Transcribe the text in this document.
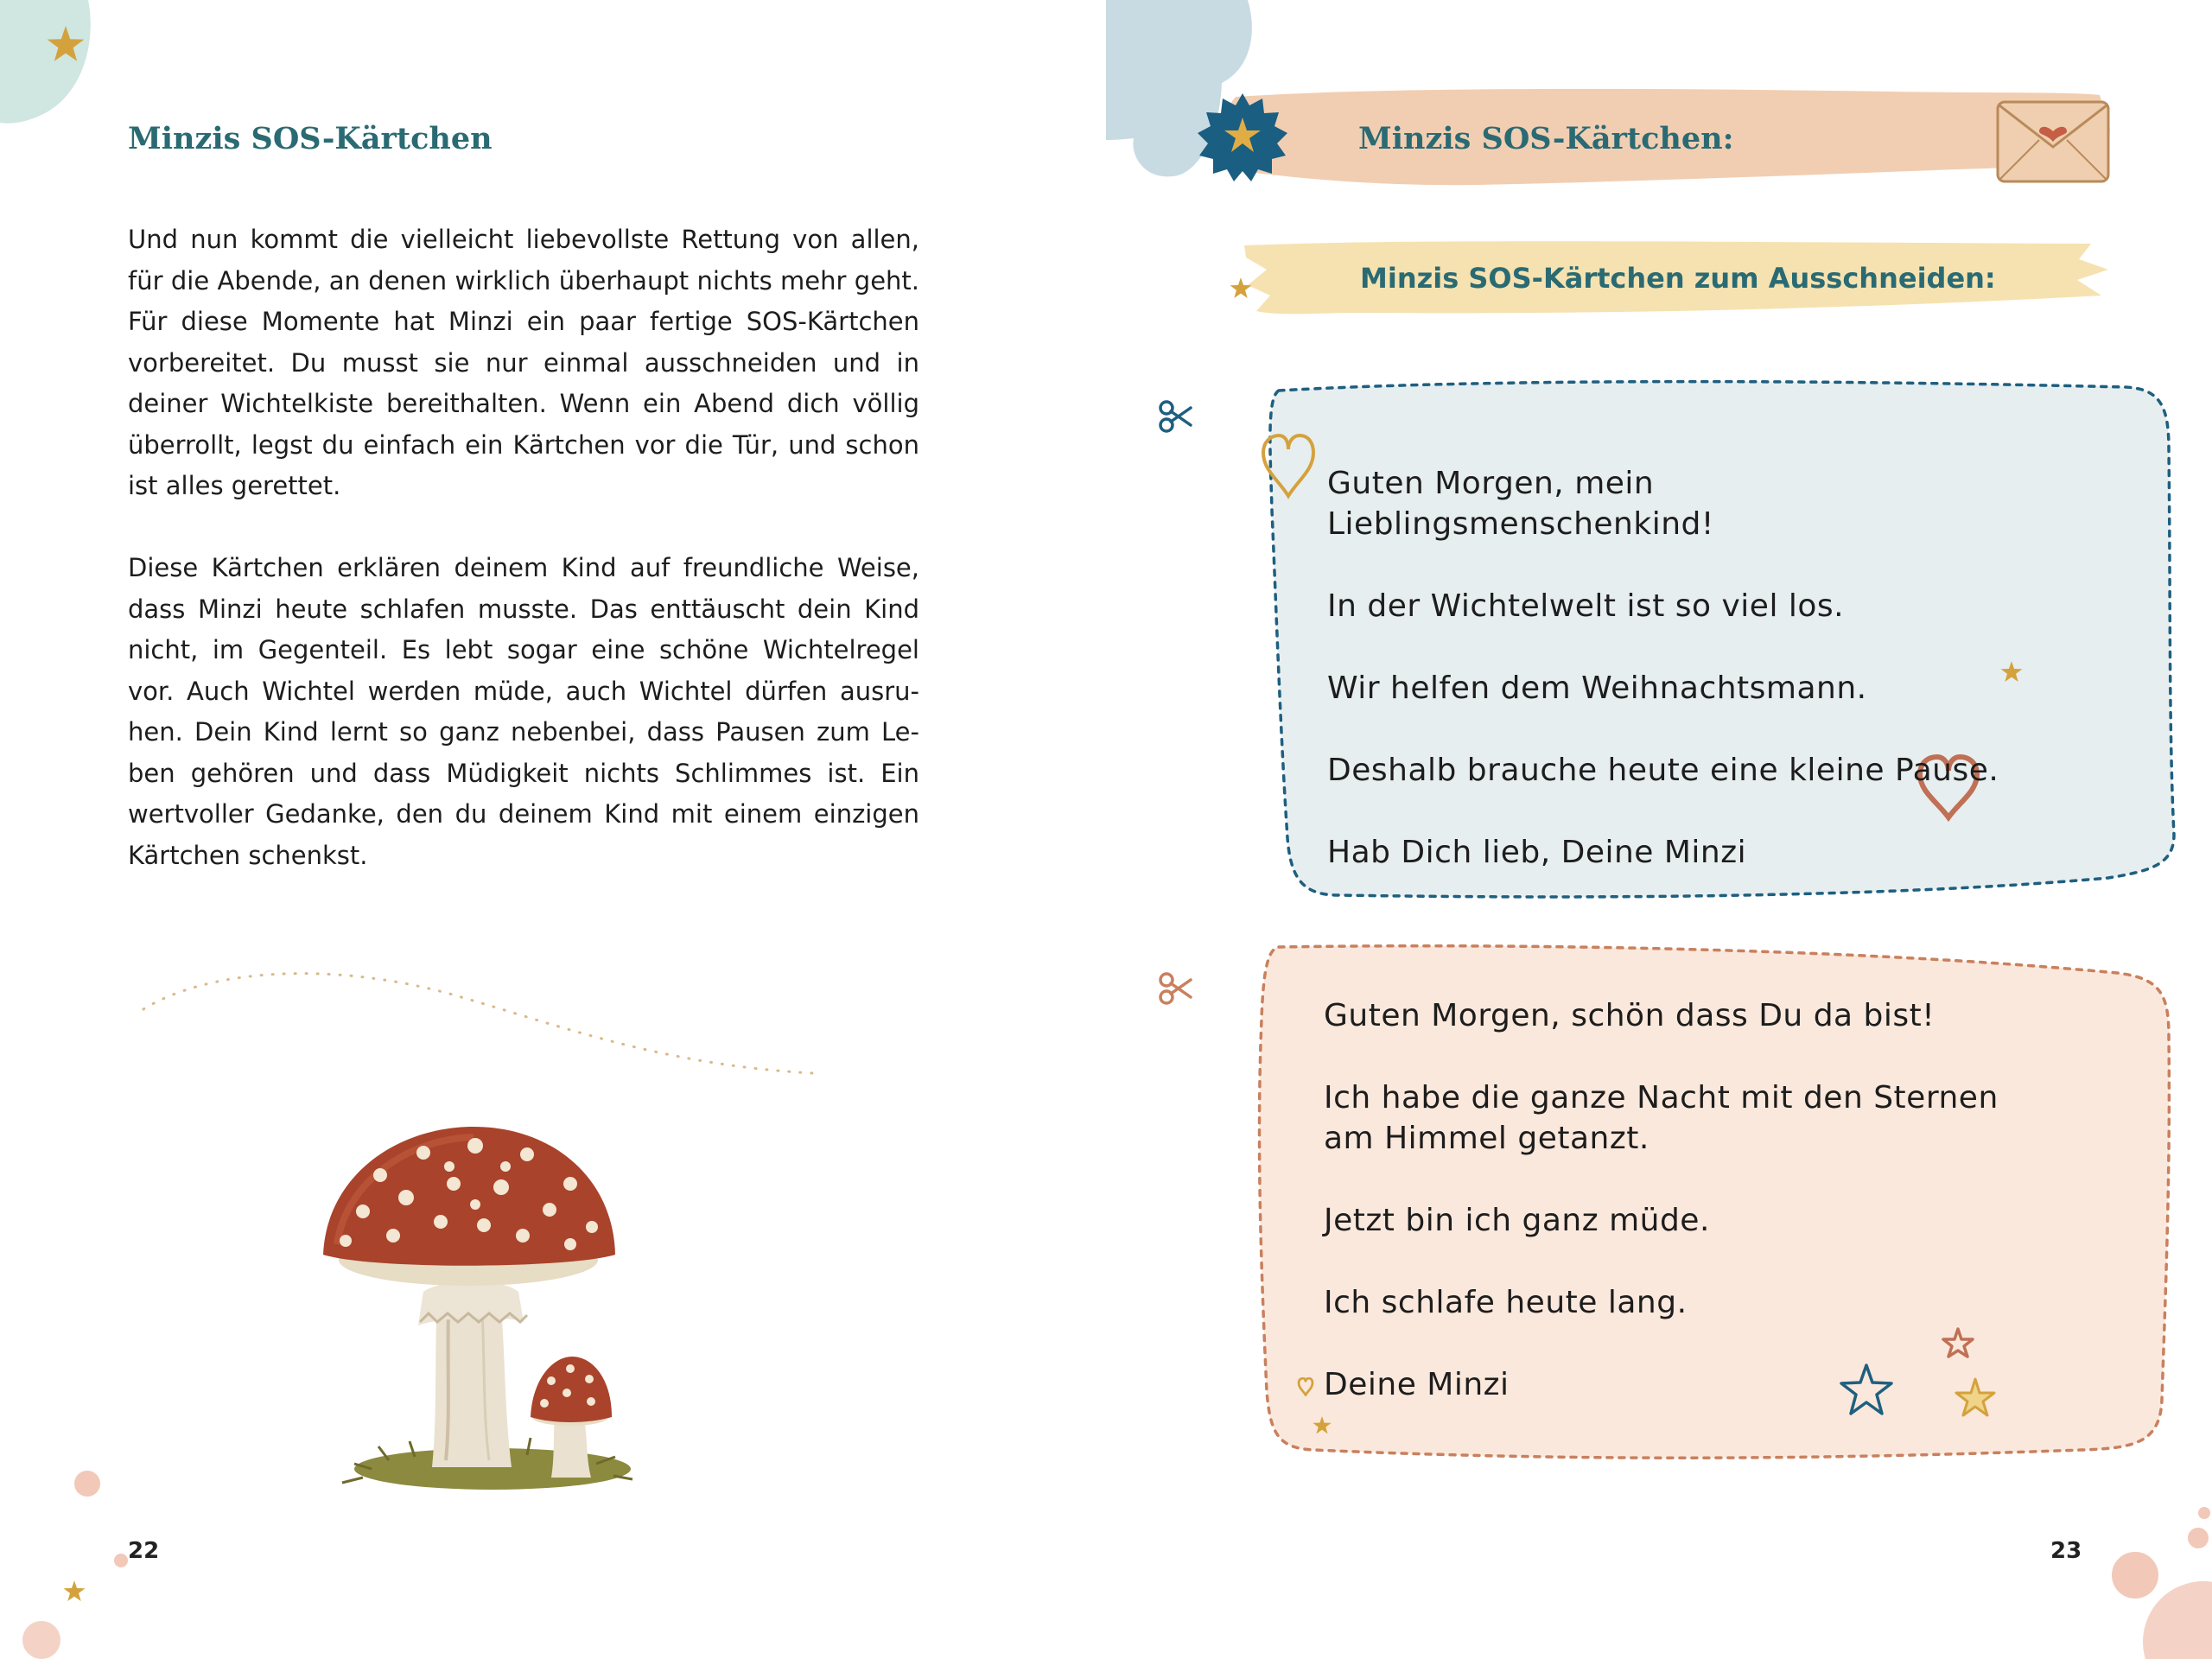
Minzis SOS-Kärtchen

Und nun kommt die vielleicht liebevollste Rettung von allen, für die Abende, an denen wirklich überhaupt nichts mehr geht. Für diese Momente hat Minzi ein paar fertige SOS-Kärtchen vorbereitet. Du musst sie nur einmal ausschneiden und in deiner Wichtelkiste bereithalten. Wenn ein Abend dich völlig überrollt, legst du einfach ein Kärtchen vor die Tür, und schon ist alles gerettet.

Diese Kärtchen erklären deinem Kind auf freundliche Weise, dass Minzi heute schlafen musste. Das enttäuscht dein Kind nicht, im Gegenteil. Es lebt sogar eine schöne Wichtelregel vor. Auch Wichtel werden müde, auch Wichtel dürfen ausruhen. Dein Kind lernt so ganz nebenbei, dass Pausen zum Leben gehören und dass Müdigkeit nichts Schlimmes ist. Ein wertvoller Gedanke, den du deinem Kind mit einem einzigen Kärtchen schenkst.

22
Minzis SOS-Kärtchen:
Minzis SOS-Kärtchen zum Ausschneiden:

Guten Morgen, mein Lieblingsmenschenkind!

In der Wichtelwelt ist so viel los.

Wir helfen dem Weihnachtsmann.

Deshalb brauche heute eine kleine Pause.

Hab Dich lieb, Deine Minzi

Guten Morgen, schön dass Du da bist!

Ich habe die ganze Nacht mit den Sternen am Himmel getanzt.

Jetzt bin ich ganz müde.

Ich schlafe heute lang.

Deine Minzi

23
